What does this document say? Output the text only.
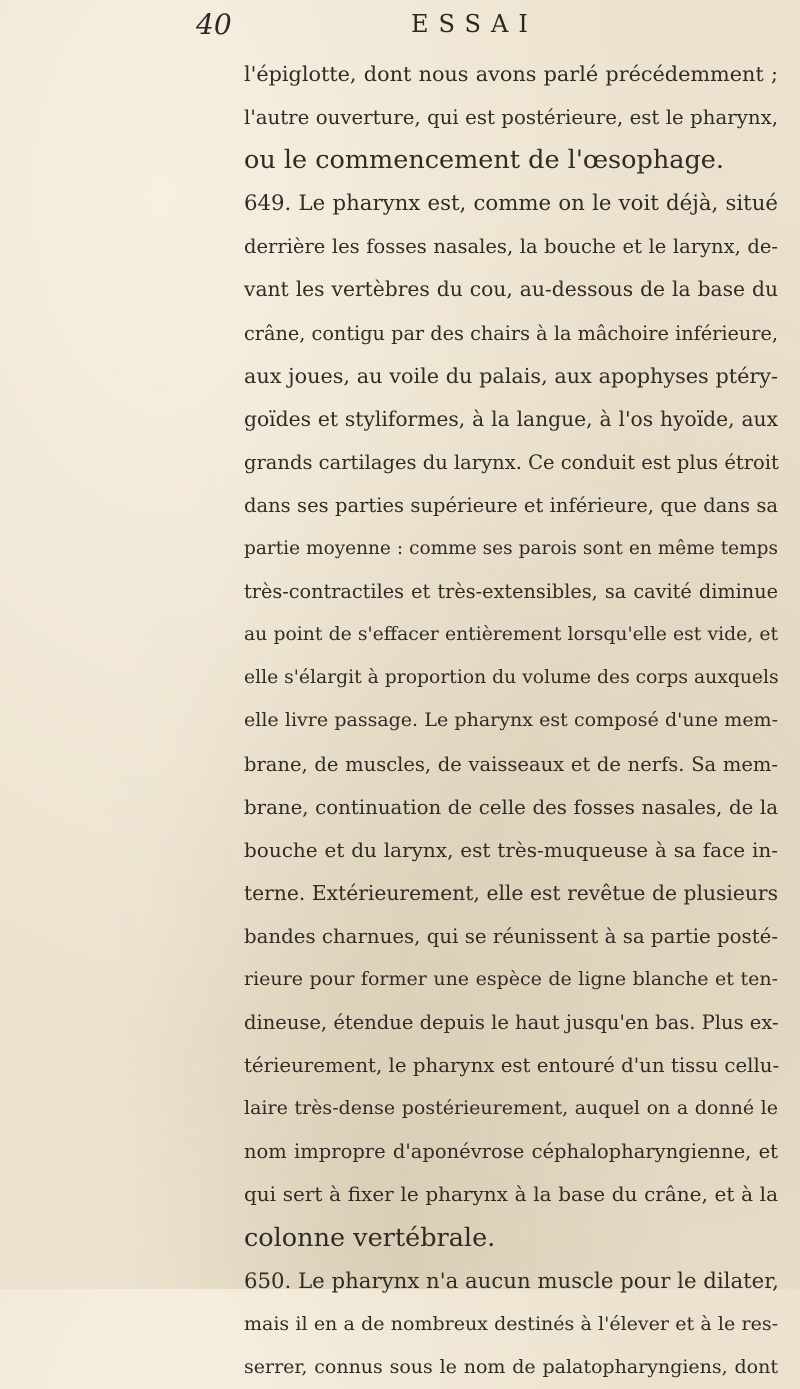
40	ESSAI
l'épiglotte, dont nous avons parlé précédemment ;
l'autre ouverture, qui est postérieure, est le pharynx,
ou le commencement de l'œsophage.
649. Le pharynx est, comme on le voit déjà, situé
derrière les fosses nasales, la bouche et le larynx, de-
vant les vertèbres du cou, au-dessous de la base du
crâne, contigu par des chairs à la mâchoire inférieure,
aux joues, au voile du palais, aux apophyses ptéry-
goïdes et styliformes, à la langue, à l'os hyoïde, aux
grands cartilages du larynx. Ce conduit est plus étroit
dans ses parties supérieure et inférieure, que dans sa
partie moyenne : comme ses parois sont en même temps
très-contractiles et très-extensibles, sa cavité diminue
au point de s'effacer entièrement lorsqu'elle est vide, et
elle s'élargit à proportion du volume des corps auxquels
elle livre passage. Le pharynx est composé d'une mem-
brane, de muscles, de vaisseaux et de nerfs. Sa mem-
brane, continuation de celle des fosses nasales, de la
bouche et du larynx, est très-muqueuse à sa face in-
terne. Extérieurement, elle est revêtue de plusieurs
bandes charnues, qui se réunissent à sa partie posté-
rieure pour former une espèce de ligne blanche et ten-
dineuse, étendue depuis le haut jusqu'en bas. Plus ex-
térieurement, le pharynx est entouré d'un tissu cellu-
laire très-dense postérieurement, auquel on a donné le
nom impropre d'aponévrose céphalopharyngienne, et
qui sert à fixer le pharynx à la base du crâne, et à la
colonne vertébrale.
650. Le pharynx n'a aucun muscle pour le dilater,
mais il en a de nombreux destinés à l'élever et à le res-
serrer, connus sous le nom de palatopharyngiens, dont
